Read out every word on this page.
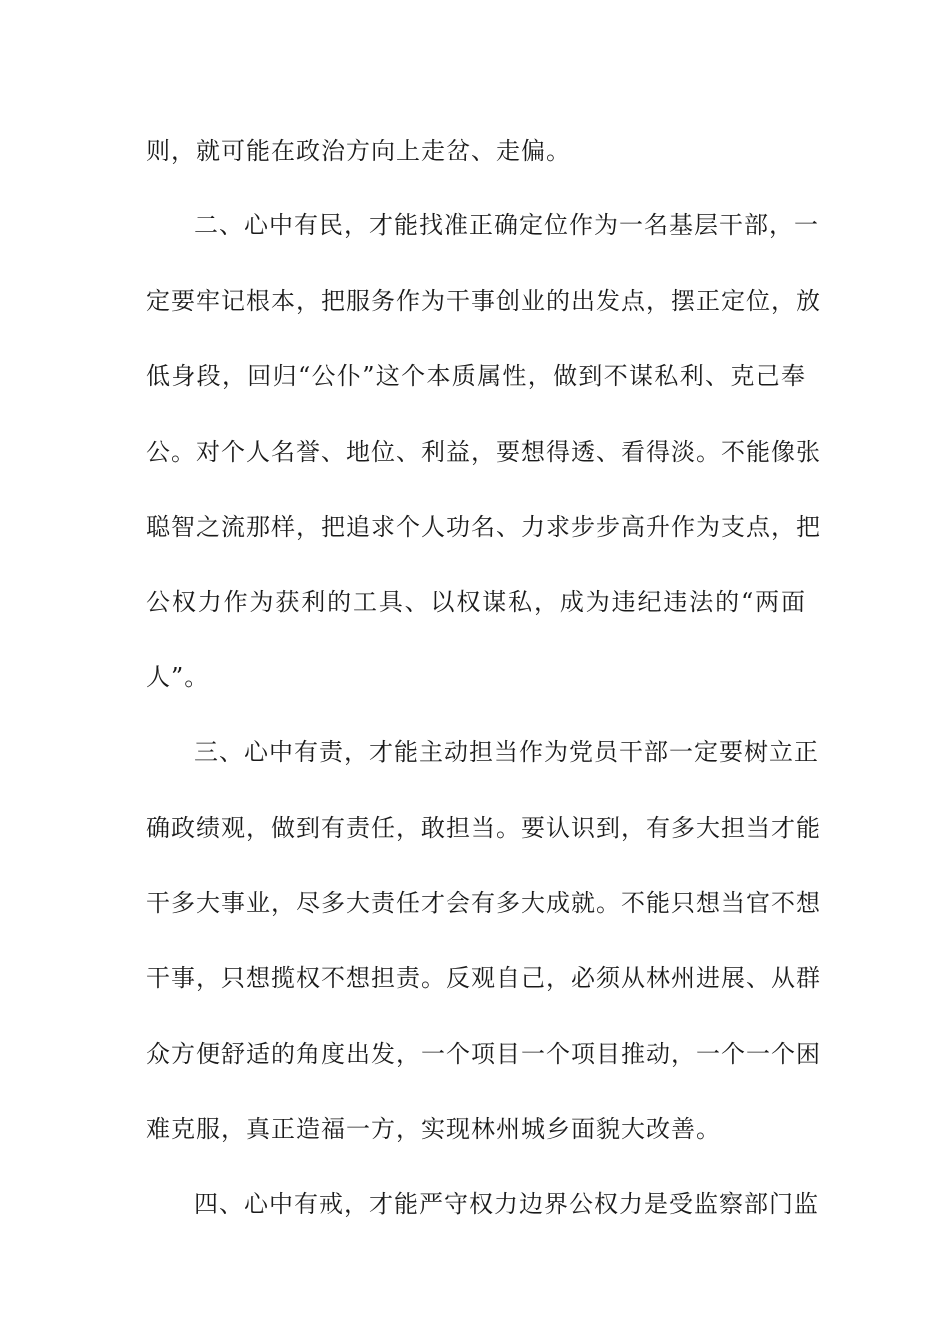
则，就可能在政治方向上走岔、走偏。
二、心中有民，才能找准正确定位作为一名基层干部，一
定要牢记根本，把服务作为干事创业的出发点，摆正定位，放
低身段，回归“公仆”这个本质属性，做到不谋私利、克己奉
公。对个人名誉、地位、利益，要想得透、看得淡。不能像张
聪智之流那样，把追求个人功名、力求步步高升作为支点，把
公权力作为获利的工具、以权谋私，成为违纪违法的“两面
人”。
三、心中有责，才能主动担当作为党员干部一定要树立正
确政绩观，做到有责任，敢担当。要认识到，有多大担当才能
干多大事业，尽多大责任才会有多大成就。不能只想当官不想
干事，只想揽权不想担责。反观自己，必须从林州进展、从群
众方便舒适的角度出发，一个项目一个项目推动，一个一个困
难克服，真正造福一方，实现林州城乡面貌大改善。
四、心中有戒，才能严守权力边界公权力是受监察部门监
